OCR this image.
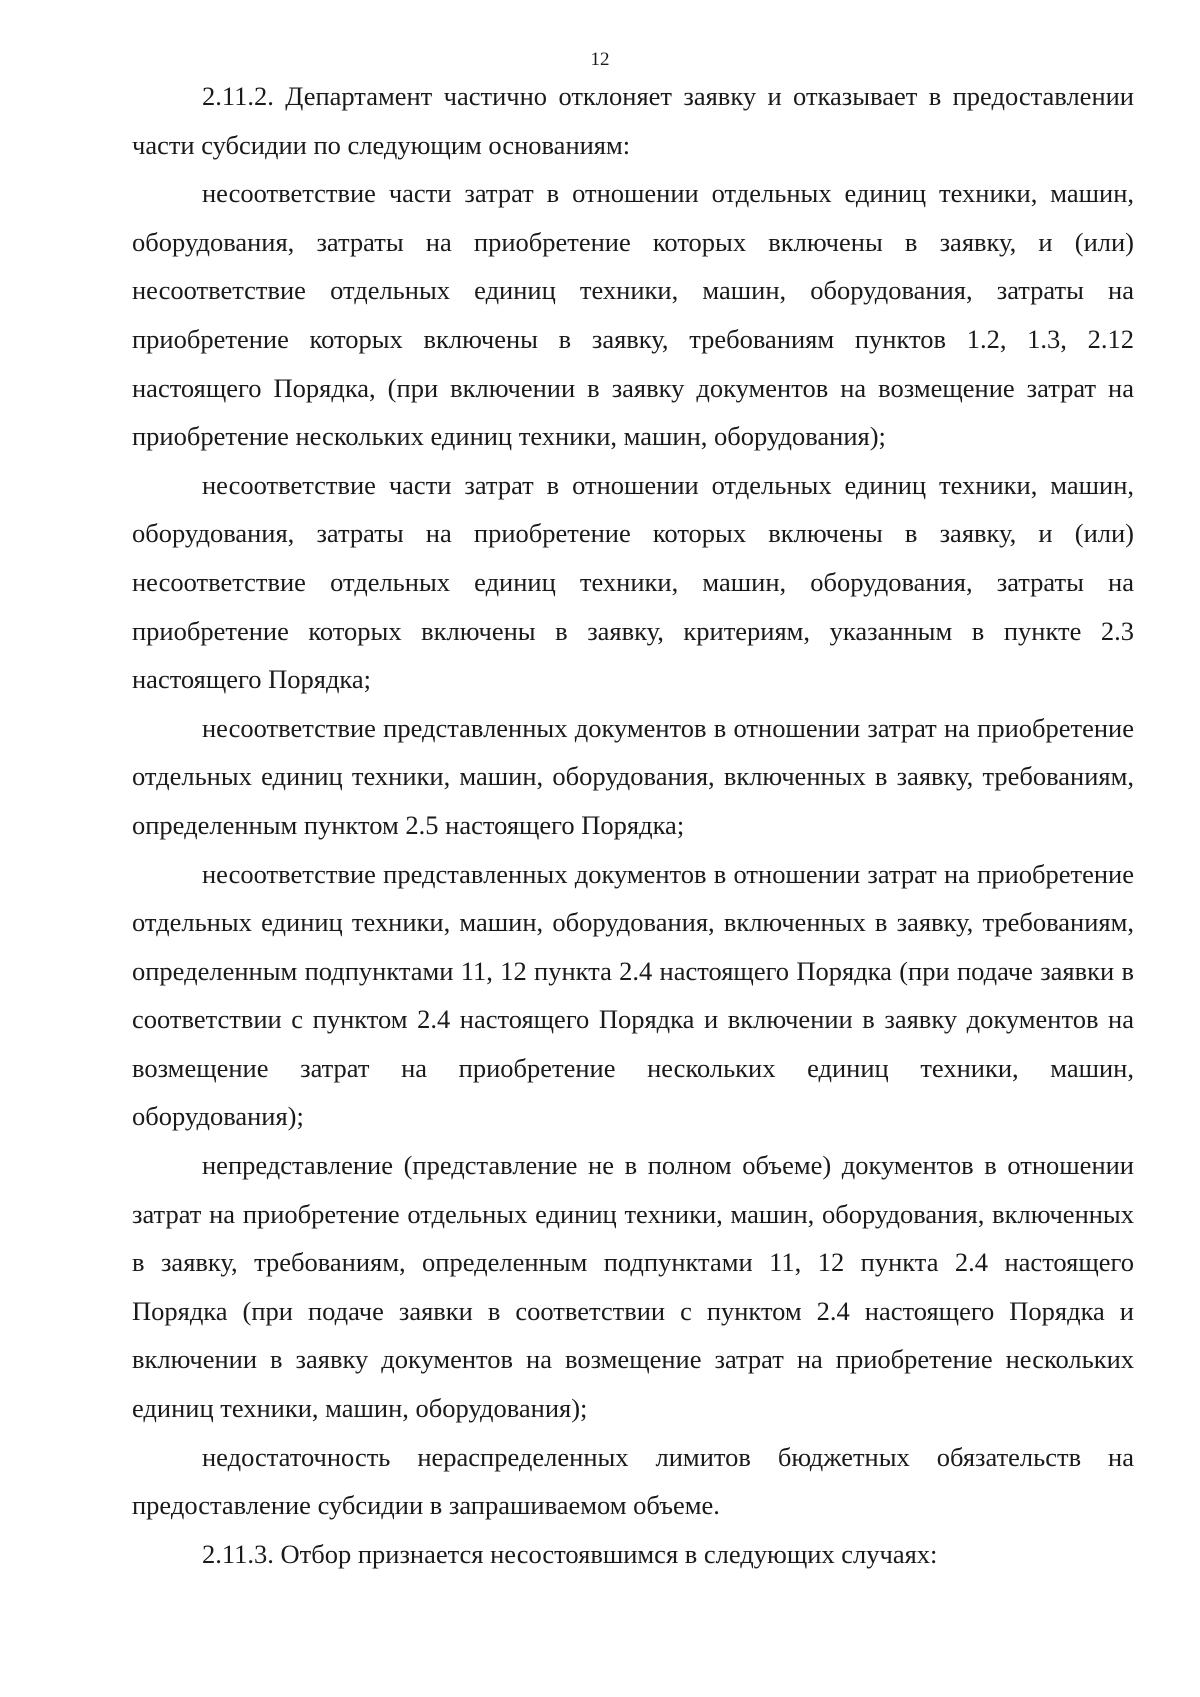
12

2.11.2. Департамент частично отклоняет заявку и отказывает в предоставлении части субсидии по следующим основаниям:

несоответствие части затрат в отношении отдельных единиц техники, машин, оборудования, затраты на приобретение которых включены в заявку, и (или) несоответствие отдельных единиц техники, машин, оборудования, затраты на приобретение которых включены в заявку, требованиям пунктов 1.2, 1.3, 2.12 настоящего Порядка, (при включении в заявку документов на возмещение затрат на приобретение нескольких единиц техники, машин, оборудования);

несоответствие части затрат в отношении отдельных единиц техники, машин, оборудования, затраты на приобретение которых включены в заявку, и (или) несоответствие отдельных единиц техники, машин, оборудования, затраты на приобретение которых включены в заявку, критериям, указанным в пункте 2.3 настоящего Порядка;

несоответствие представленных документов в отношении затрат на приобретение отдельных единиц техники, машин, оборудования, включенных в заявку, требованиям, определенным пунктом 2.5 настоящего Порядка;

несоответствие представленных документов в отношении затрат на приобретение отдельных единиц техники, машин, оборудования, включенных в заявку, требованиям, определенным подпунктами 11, 12 пункта 2.4 настоящего Порядка (при подаче заявки в соответствии с пунктом 2.4 настоящего Порядка и включении в заявку документов на возмещение затрат на приобретение нескольких единиц техники, машин, оборудования);

непредставление (представление не в полном объеме) документов в отношении затрат на приобретение отдельных единиц техники, машин, оборудования, включенных в заявку, требованиям, определенным подпунктами 11, 12 пункта 2.4 настоящего Порядка (при подаче заявки в соответствии с пунктом 2.4 настоящего Порядка и включении в заявку документов на возмещение затрат на приобретение нескольких единиц техники, машин, оборудования);

недостаточность нераспределенных лимитов бюджетных обязательств на предоставление субсидии в запрашиваемом объеме.

2.11.3. Отбор признается несостоявшимся в следующих случаях:
